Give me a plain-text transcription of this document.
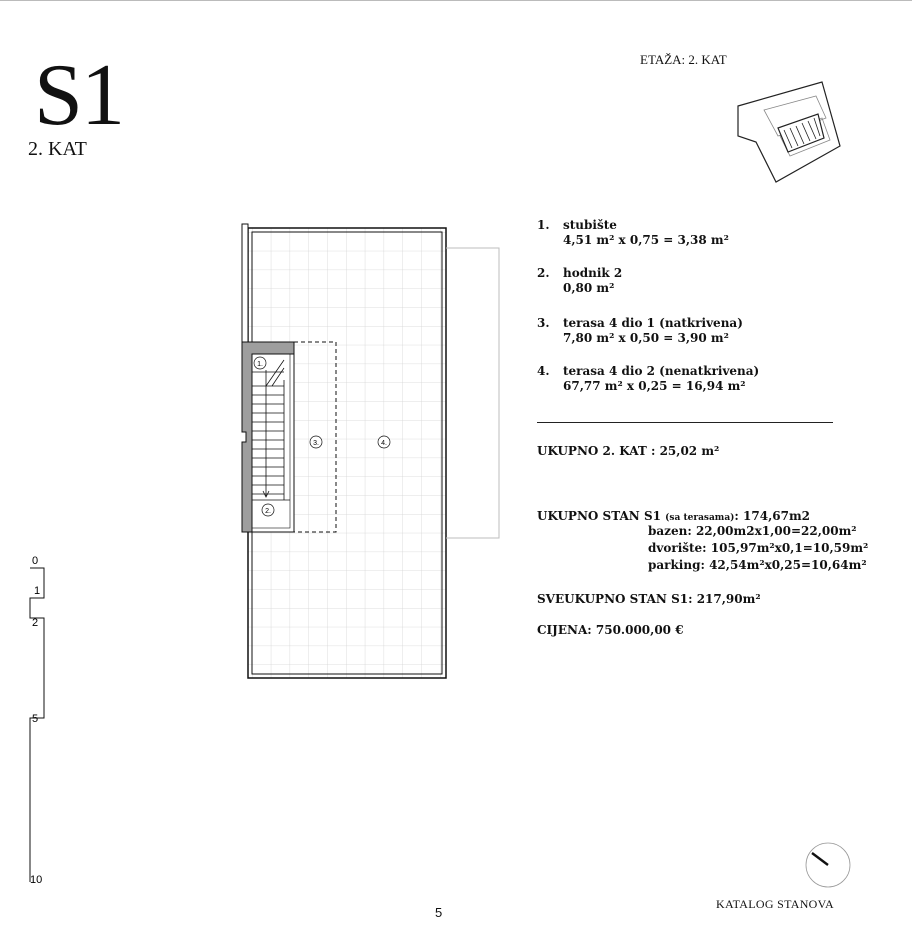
S1
2. KAT
ETAŽA: 2. KAT
1.
2.
3.	4.
1. stubište
4,51 m² x 0,75 = 3,38 m²
2. hodnik 2
0,80 m²
3. terasa 4 dio 1 (natkrivena)
7,80 m² x 0,50 = 3,90 m²
4. terasa 4 dio 2 (nenatkrivena)
67,77 m² x 0,25 = 16,94 m²
UKUPNO 2. KAT : 25,02 m²
UKUPNO STAN S1 (sa terasama): 174,67m2
bazen: 22,00m2x1,00=22,00m²
dvorište: 105,97m²x0,1=10,59m²
parking: 42,54m²x0,25=10,64m²
SVEUKUPNO STAN S1: 217,90m²
CIJENA: 750.000,00 €
0
1
2
5
10
5
KATALOG STANOVA
